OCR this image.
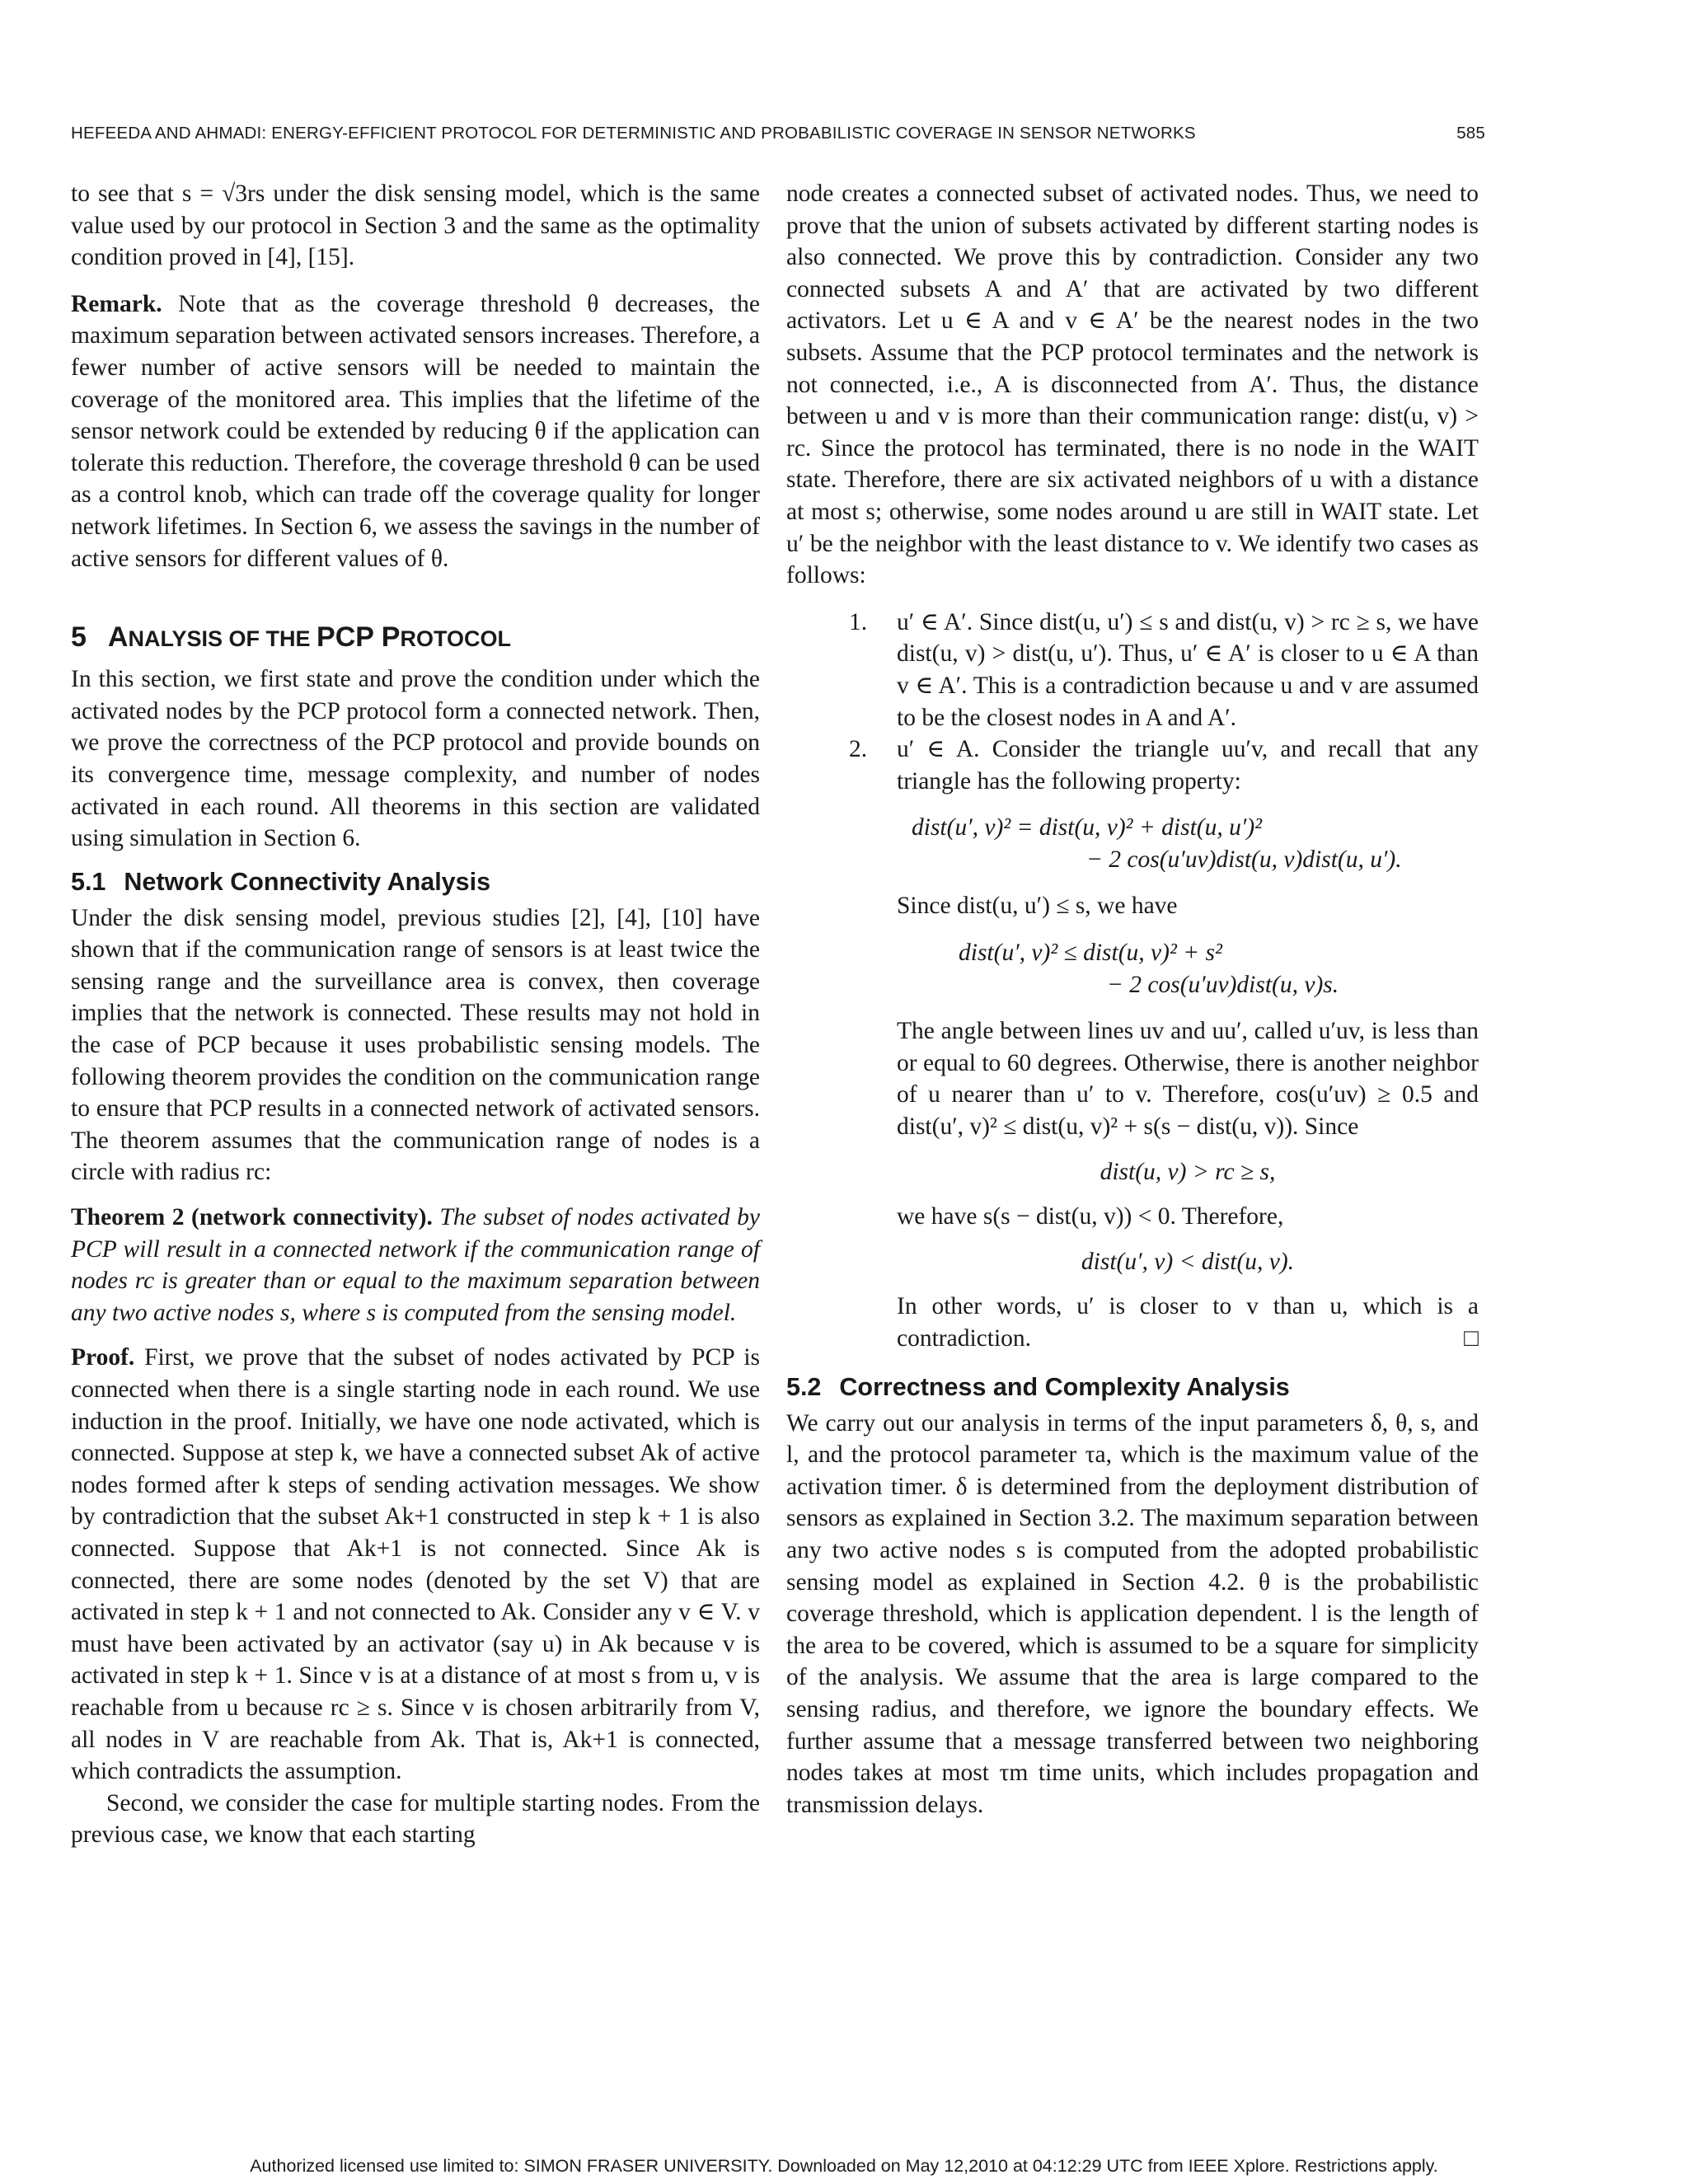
HEFEEDA AND AHMADI: ENERGY-EFFICIENT PROTOCOL FOR DETERMINISTIC AND PROBABILISTIC COVERAGE IN SENSOR NETWORKS	585

to see that s = √3rs under the disk sensing model, which is the same value used by our protocol in Section 3 and the same as the optimality condition proved in [4], [15].

Remark. Note that as the coverage threshold θ decreases, the maximum separation between activated sensors increases. Therefore, a fewer number of active sensors will be needed to maintain the coverage of the monitored area. This implies that the lifetime of the sensor network could be extended by reducing θ if the application can tolerate this reduction. Therefore, the coverage threshold θ can be used as a control knob, which can trade off the coverage quality for longer network lifetimes. In Section 6, we assess the savings in the number of active sensors for different values of θ.

5 ANALYSIS OF THE PCP PROTOCOL

In this section, we first state and prove the condition under which the activated nodes by the PCP protocol form a connected network. Then, we prove the correctness of the PCP protocol and provide bounds on its convergence time, message complexity, and number of nodes activated in each round. All theorems in this section are validated using simulation in Section 6.

5.1 Network Connectivity Analysis

Under the disk sensing model, previous studies [2], [4], [10] have shown that if the communication range of sensors is at least twice the sensing range and the surveillance area is convex, then coverage implies that the network is connected. These results may not hold in the case of PCP because it uses probabilistic sensing models. The following theorem provides the condition on the communication range to ensure that PCP results in a connected network of activated sensors. The theorem assumes that the communication range of nodes is a circle with radius rc:

Theorem 2 (network connectivity). The subset of nodes activated by PCP will result in a connected network if the communication range of nodes rc is greater than or equal to the maximum separation between any two active nodes s, where s is computed from the sensing model.

Proof. First, we prove that the subset of nodes activated by PCP is connected when there is a single starting node in each round. We use induction in the proof. Initially, we have one node activated, which is connected. Suppose at step k, we have a connected subset Ak of active nodes formed after k steps of sending activation messages. We show by contradiction that the subset Ak+1 constructed in step k + 1 is also connected. Suppose that Ak+1 is not connected. Since Ak is connected, there are some nodes (denoted by the set V) that are activated in step k + 1 and not connected to Ak. Consider any v ∈ V. v must have been activated by an activator (say u) in Ak because v is activated in step k + 1. Since v is at a distance of at most s from u, v is reachable from u because rc ≥ s. Since v is chosen arbitrarily from V, all nodes in V are reachable from Ak. That is, Ak+1 is connected, which contradicts the assumption.

Second, we consider the case for multiple starting nodes. From the previous case, we know that each starting

node creates a connected subset of activated nodes. Thus, we need to prove that the union of subsets activated by different starting nodes is also connected. We prove this by contradiction. Consider any two connected subsets A and A′ that are activated by two different activators. Let u ∈ A and v ∈ A′ be the nearest nodes in the two subsets. Assume that the PCP protocol terminates and the network is not connected, i.e., A is disconnected from A′. Thus, the distance between u and v is more than their communication range: dist(u, v) > rc. Since the protocol has terminated, there is no node in the WAIT state. Therefore, there are six activated neighbors of u with a distance at most s; otherwise, some nodes around u are still in WAIT state. Let u′ be the neighbor with the least distance to v. We identify two cases as follows:

1. u′ ∈ A′. Since dist(u, u′) ≤ s and dist(u, v) > rc ≥ s, we have dist(u, v) > dist(u, u′). Thus, u′ ∈ A′ is closer to u ∈ A than v ∈ A′. This is a contradiction because u and v are assumed to be the closest nodes in A and A′.

2. u′ ∈ A. Consider the triangle uu′v, and recall that any triangle has the following property:

dist(u′, v)² = dist(u, v)² + dist(u, u′)²
− 2 cos(u′uv)dist(u, v)dist(u, u′).

Since dist(u, u′) ≤ s, we have

dist(u′, v)² ≤ dist(u, v)² + s²
− 2 cos(u′uv)dist(u, v)s.

The angle between lines uv and uu′, called u′uv, is less than or equal to 60 degrees. Otherwise, there is another neighbor of u nearer than u′ to v. Therefore, cos(u′uv) ≥ 0.5 and dist(u′, v)² ≤ dist(u, v)² + s(s − dist(u, v)). Since

dist(u, v) > rc ≥ s,

we have s(s − dist(u, v)) < 0. Therefore,

dist(u′, v) < dist(u, v).

In other words, u′ is closer to v than u, which is a contradiction.	□

5.2 Correctness and Complexity Analysis

We carry out our analysis in terms of the input parameters δ, θ, s, and l, and the protocol parameter τa, which is the maximum value of the activation timer. δ is determined from the deployment distribution of sensors as explained in Section 3.2. The maximum separation between any two active nodes s is computed from the adopted probabilistic sensing model as explained in Section 4.2. θ is the probabilistic coverage threshold, which is application dependent. l is the length of the area to be covered, which is assumed to be a square for simplicity of the analysis. We assume that the area is large compared to the sensing radius, and therefore, we ignore the boundary effects. We further assume that a message transferred between two neighboring nodes takes at most τm time units, which includes propagation and transmission delays.

Authorized licensed use limited to: SIMON FRASER UNIVERSITY. Downloaded on May 12,2010 at 04:12:29 UTC from IEEE Xplore. Restrictions apply.
